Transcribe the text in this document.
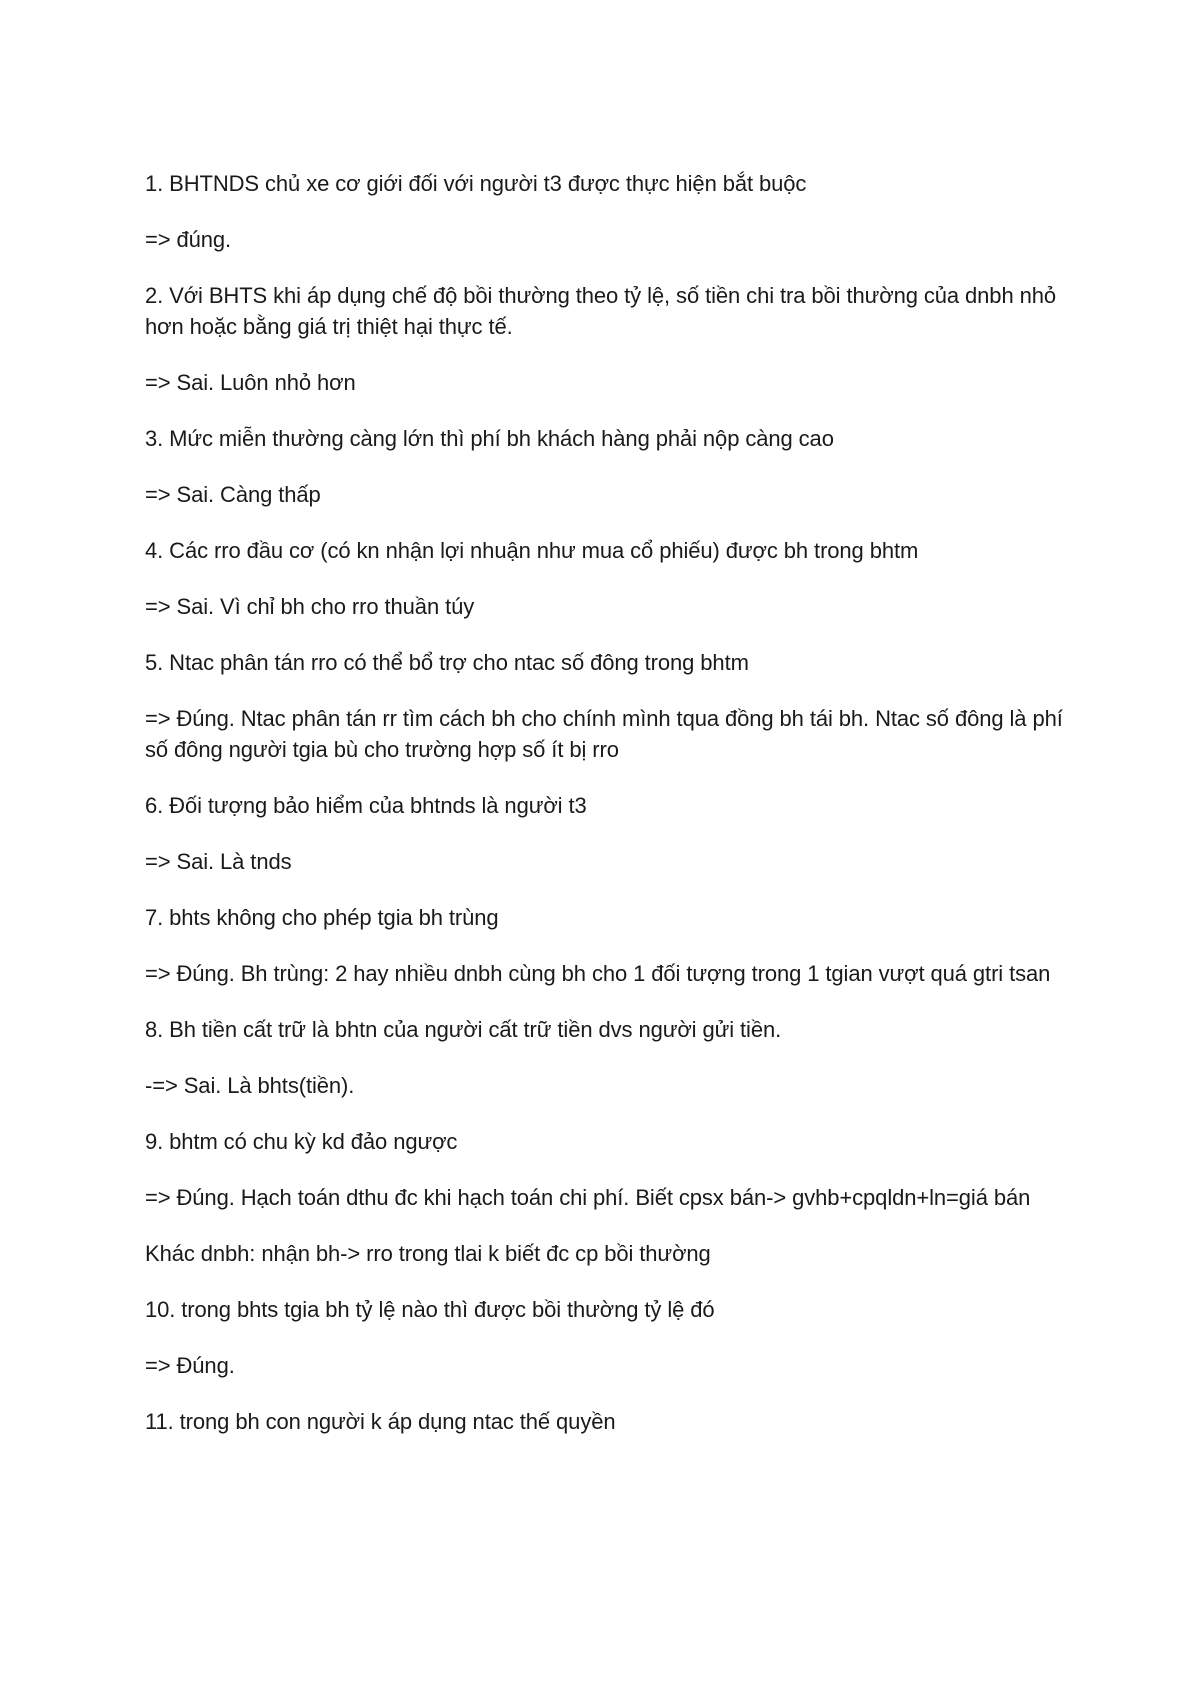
1. BHTNDS chủ xe cơ giới đối với người t3 được thực hiện bắt buộc

=> đúng.

2. Với BHTS khi áp dụng chế độ bồi thường theo tỷ lệ, số tiền chi tra bồi thường của dnbh nhỏ hơn hoặc bằng giá trị thiệt hại thực tế.

=> Sai. Luôn nhỏ hơn

3. Mức miễn thường càng lớn thì phí bh khách hàng phải nộp càng cao

=> Sai. Càng thấp

4. Các rro đầu cơ (có kn nhận lợi nhuận như mua cổ phiếu) được bh trong bhtm

=> Sai. Vì chỉ bh cho rro thuần túy

5. Ntac phân tán rro có thể bổ trợ cho ntac số đông trong bhtm

=> Đúng. Ntac phân tán rr tìm cách bh cho chính mình tqua đồng bh tái bh. Ntac số đông là phí số đông người tgia bù cho trường hợp số ít bị rro

6. Đối tượng bảo hiểm của bhtnds là người t3

=> Sai. Là tnds

7. bhts không cho phép tgia bh trùng

=> Đúng. Bh trùng: 2 hay nhiều dnbh cùng bh cho 1 đối tượng trong 1 tgian vượt quá gtri tsan

8. Bh tiền cất trữ là bhtn của người cất trữ tiền dvs người gửi tiền.

-=> Sai. Là bhts(tiền).

9. bhtm có chu kỳ kd đảo ngược

=> Đúng. Hạch toán dthu đc khi hạch toán chi phí. Biết cpsx bán-> gvhb+cpqldn+ln=giá bán

Khác dnbh: nhận bh-> rro trong tlai k biết đc cp bồi thường

10. trong bhts tgia bh tỷ lệ nào thì được bồi thường tỷ lệ đó

=> Đúng.

11. trong bh con người k áp dụng ntac thế quyền
